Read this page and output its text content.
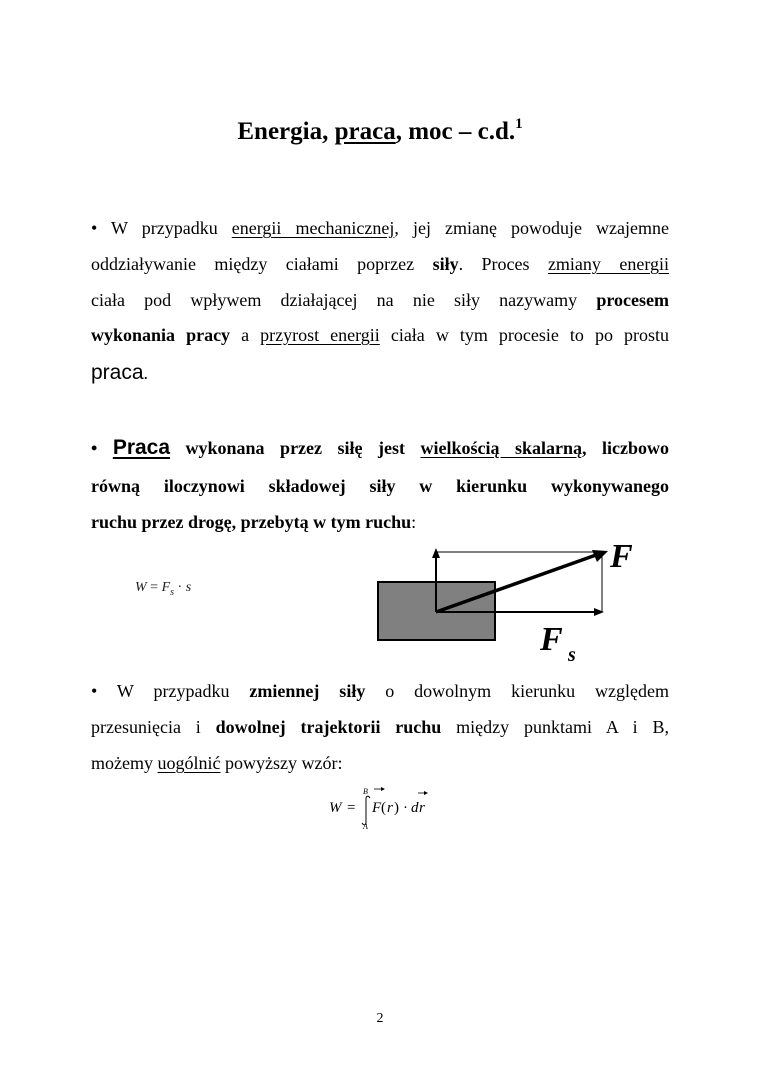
Energia, praca, moc – c.d.$^1$
• W przypadku energii mechanicznej, jej zmianę powoduje wzajemne
oddziaływanie między ciałami poprzez siły. Proces zmiany energii
ciała pod wpływem działającej na nie siły nazywamy procesem
wykonania pracy a przyrost energii ciała w tym procesie to po prostu
praca.
• Praca wykonana przez siłę jest wielkością skalarną, liczbowo
równą iloczynowi składowej siły w kierunku wykonywanego
ruchu przez drogę, przebytą w tym ruchu:
$W = F_s \cdot s$
F
F s
• W przypadku zmiennej siły o dowolnym kierunku względem
przesunięcia i dowolnej trajektorii ruchu między punktami A i B,
możemy uogólnić powyższy wzór:
W =
B
A
F ( r ) · d r
2
